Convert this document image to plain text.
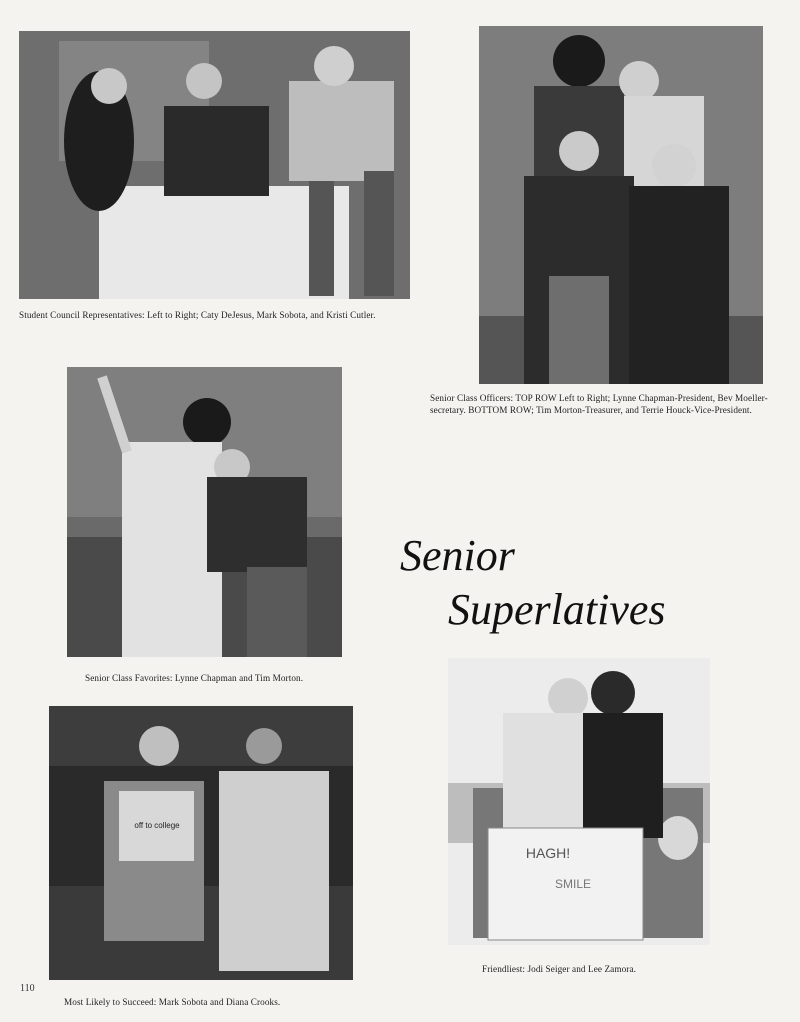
Student Council Representatives: Left to Right; Caty DeJesus, Mark Sobota, and Kristi Cutler.
Senior Class Officers: TOP ROW Left to Right; Lynne Chapman-President, Bev Moeller-secretary. BOTTOM ROW; Tim Morton-Treasurer, and Terrie Houck-Vice-President.
Senior Class Favorites: Lynne Chapman and Tim Morton.
Senior
Superlatives
off to college
Most Likely to Succeed: Mark Sobota and Diana Crooks.
110
HAGH!
SMILE
Friendliest: Jodi Seiger and Lee Zamora.
